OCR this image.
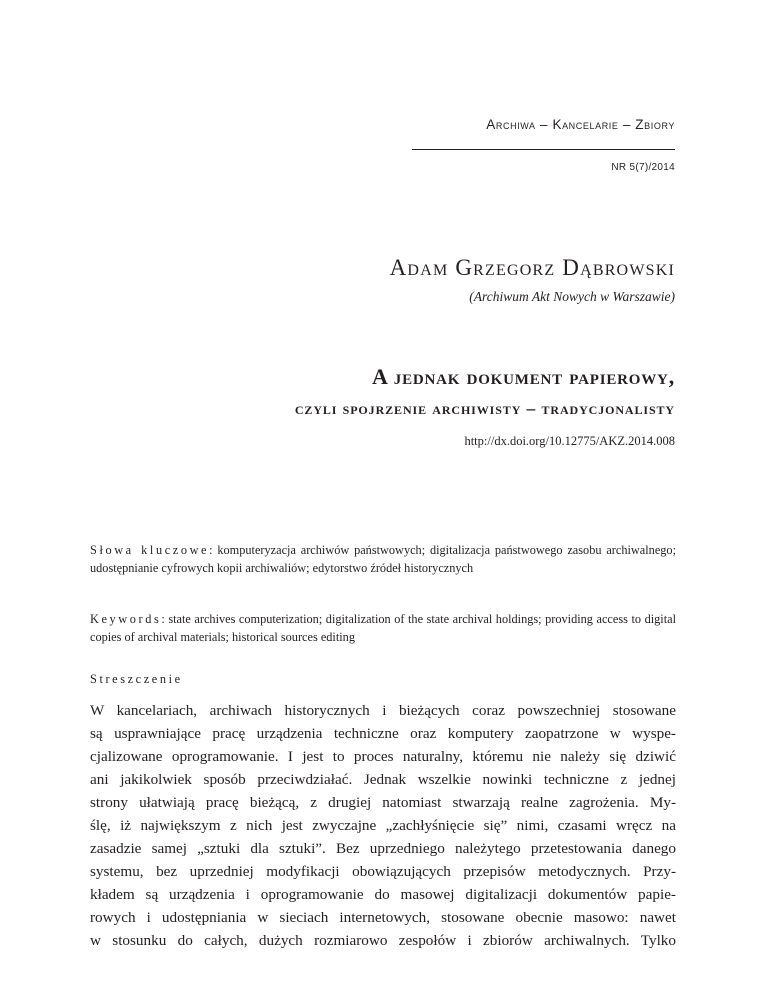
Archiwa – Kancelarie – Zbiory
NR 5(7)/2014
Adam Grzegorz Dąbrowski
(Archiwum Akt Nowych w Warszawie)
A jednak dokument papierowy,
czyli spojrzenie archiwisty – tradycjonalisty
http://dx.doi.org/10.12775/AKZ.2014.008

Słowa kluczowe: komputeryzacja archiwów państwowych; digitalizacja państwowego zasobu archiwalnego; udostępnianie cyfrowych kopii archiwaliów; edytorstwo źródeł historycznych

Keywords: state archives computerization; digitalization of the state archival holdings; providing access to digital copies of archival materials; historical sources editing

Streszczenie
W kancelariach, archiwach historycznych i bieżących coraz powszechniej stosowane
są usprawniające pracę urządzenia techniczne oraz komputery zaopatrzone w wyspe-
cjalizowane oprogramowanie. I jest to proces naturalny, któremu nie należy się dziwić
ani jakikolwiek sposób przeciwdziałać. Jednak wszelkie nowinki techniczne z jednej
strony ułatwiają pracę bieżącą, z drugiej natomiast stwarzają realne zagrożenia. My-
ślę, iż największym z nich jest zwyczajne „zachłyśnięcie się” nimi, czasami wręcz na
zasadzie samej „sztuki dla sztuki”. Bez uprzedniego należytego przetestowania danego
systemu, bez uprzedniej modyfikacji obowiązujących przepisów metodycznych. Przy-
kładem są urządzenia i oprogramowanie do masowej digitalizacji dokumentów papie-
rowych i udostępniania w sieciach internetowych, stosowane obecnie masowo: nawet
w stosunku do całych, dużych rozmiarowo zespołów i zbiorów archiwalnych. Tylko
